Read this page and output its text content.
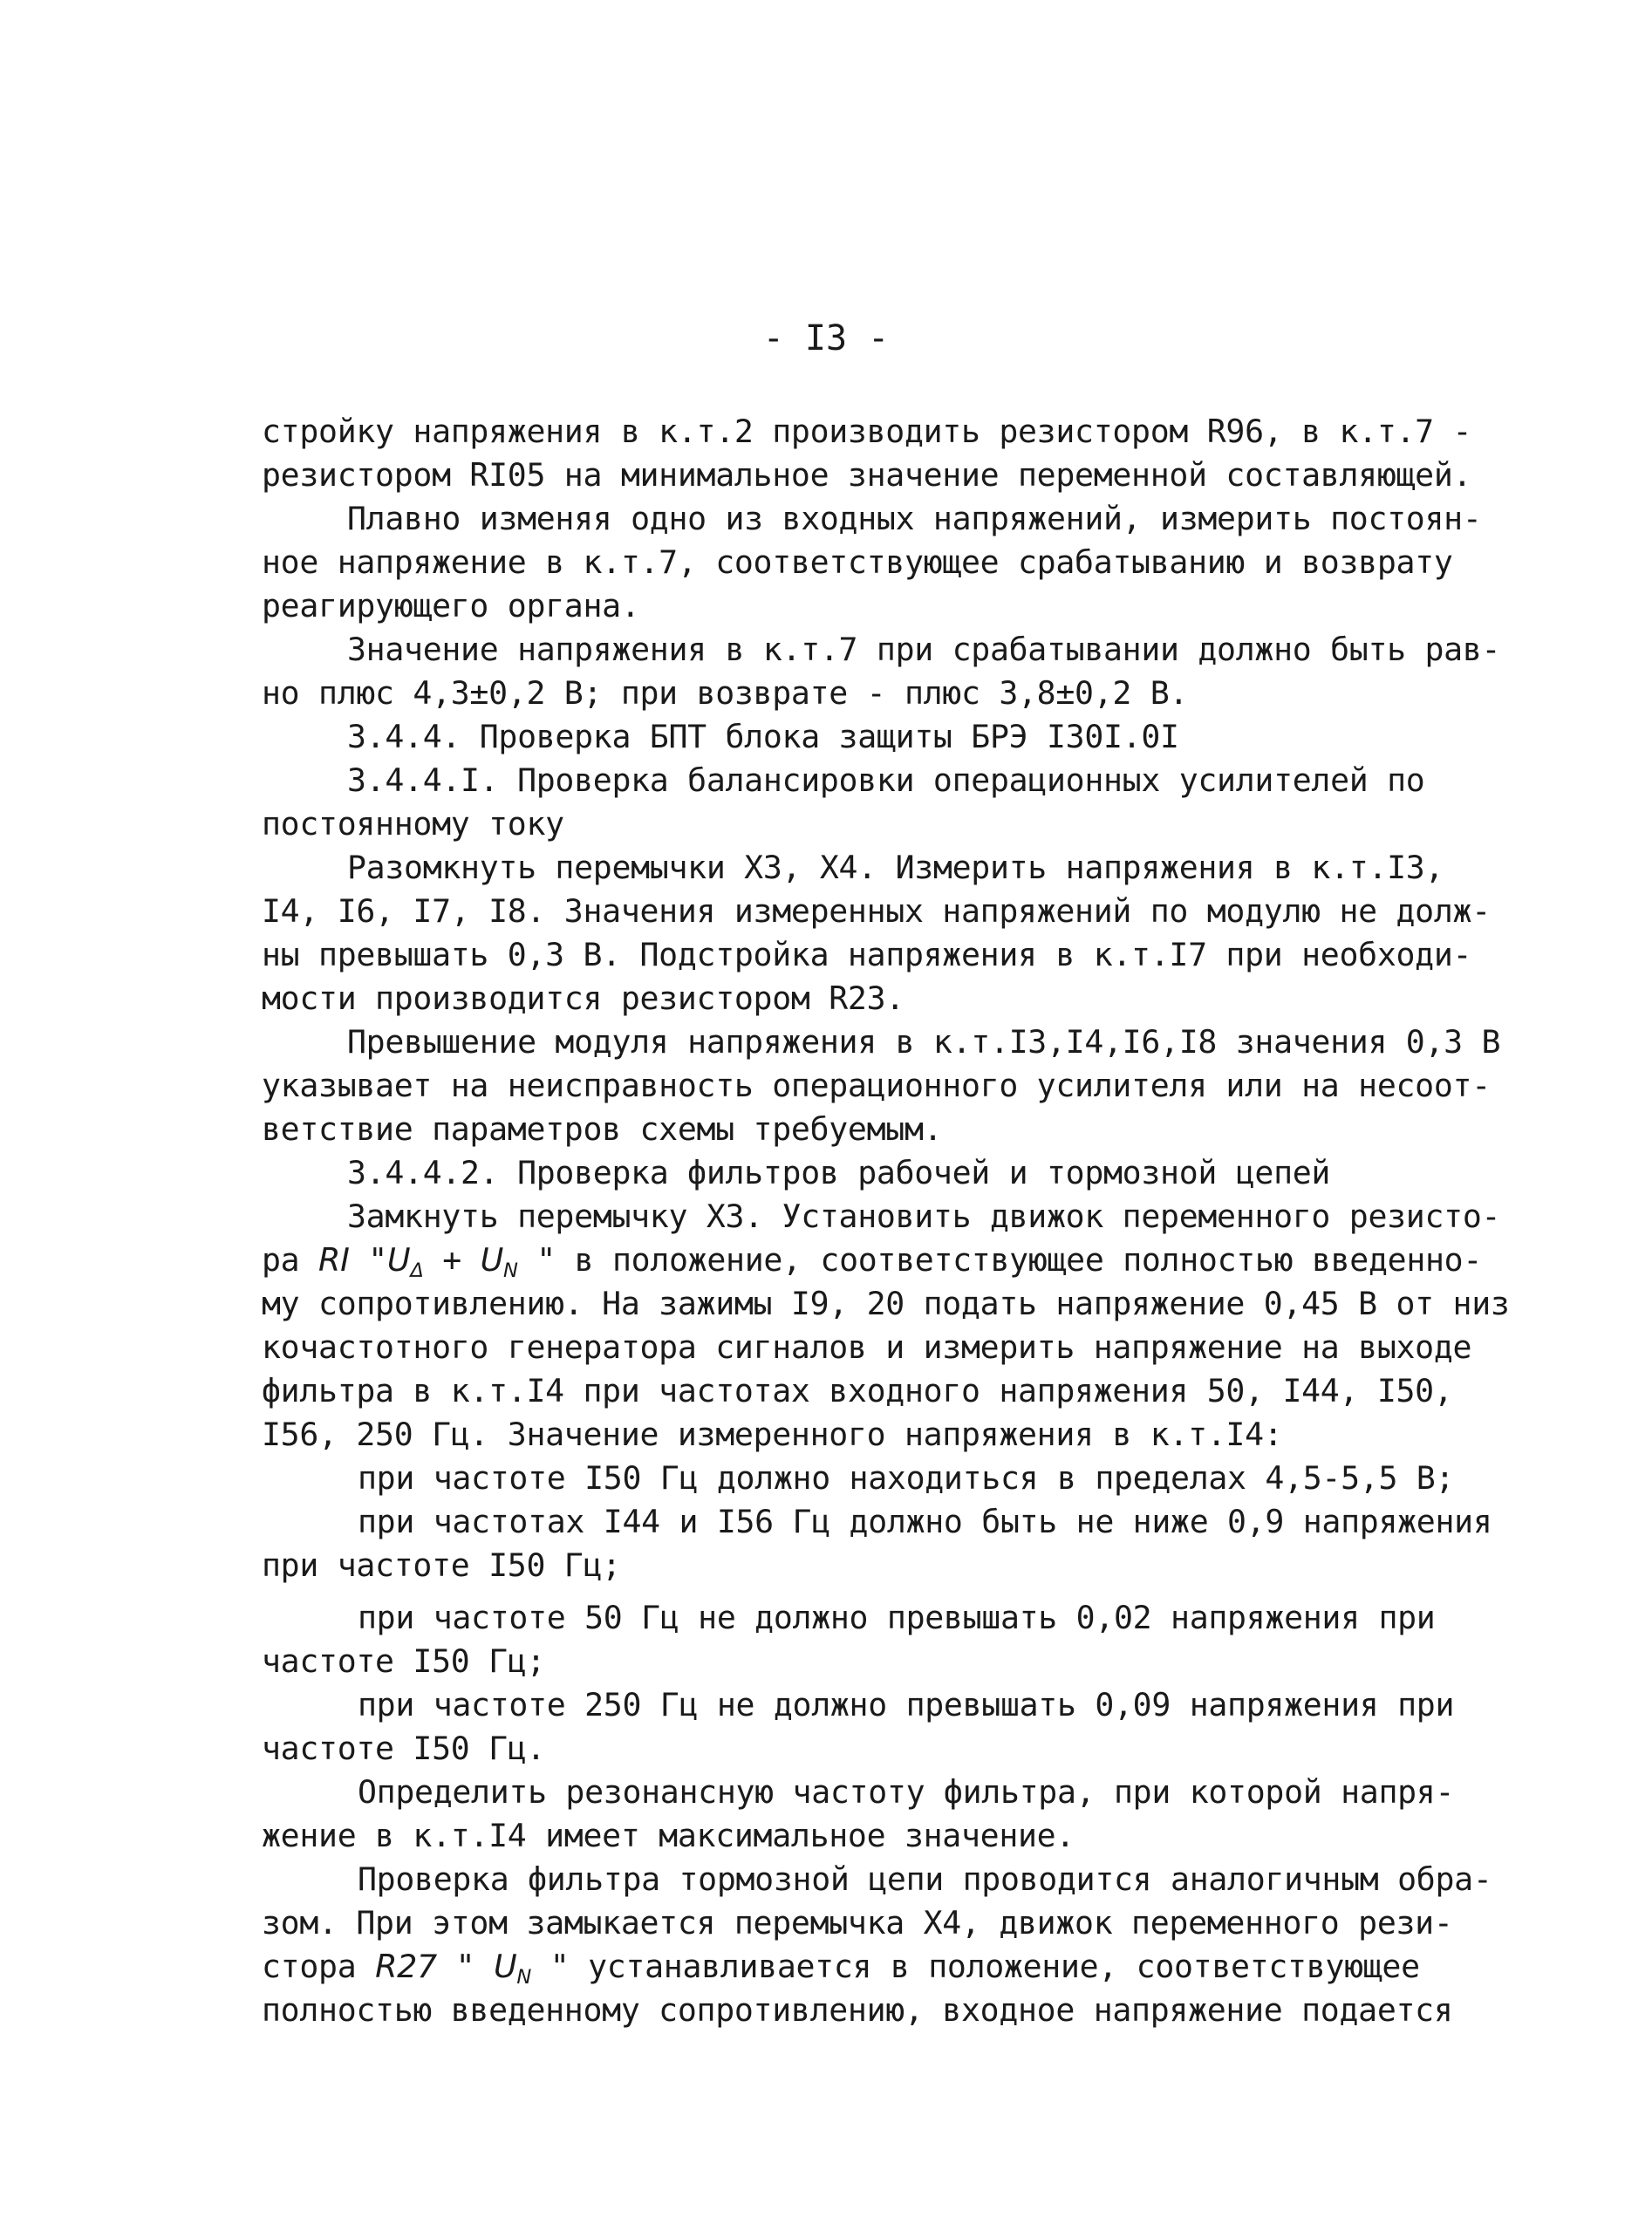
- I3 -
стройку напряжения в к.т.2 производить резистором R96, в к.т.7 -
резистором RI05 на минимальное значение переменной составляющей.
Плавно изменяя одно из входных напряжений, измерить постоян-
ное напряжение в к.т.7, соответствующее срабатыванию и возврату
реагирующего органа.
Значение напряжения в к.т.7 при срабатывании должно быть рав-
но плюс 4,3±0,2 В; при возврате - плюс 3,8±0,2 В.
3.4.4. Проверка БПТ блока защиты БРЭ I30I.0I
3.4.4.I. Проверка балансировки операционных усилителей по
постоянному току
Разомкнуть перемычки X3, X4. Измерить напряжения в к.т.I3,
I4, I6, I7, I8. Значения измеренных напряжений по модулю не долж-
ны превышать 0,3 В. Подстройка напряжения в к.т.I7 при необходи-
мости производится резистором R23.
Превышение модуля напряжения в к.т.I3,I4,I6,I8 значения 0,3 В
указывает на неисправность операционного усилителя или на несоот-
ветствие параметров схемы требуемым.
3.4.4.2. Проверка фильтров рабочей и тормозной цепей
Замкнуть перемычку X3. Установить движок переменного резисто-
ра RI "$U_\Delta + U_N$ " в положение, соответствующее полностью введенно-
му сопротивлению. На зажимы I9, 20 подать напряжение 0,45 В от низ
кочастотного генератора сигналов и измерить напряжение на выходе
фильтра в к.т.I4 при частотах входного напряжения 50, I44, I50,
I56, 250 Гц. Значение измеренного напряжения в к.т.I4:
при частоте I50 Гц должно находиться в пределах 4,5-5,5 В;
при частотах I44 и I56 Гц должно быть не ниже 0,9 напряжения
при частоте I50 Гц;
при частоте 50 Гц не должно превышать 0,02 напряжения при
частоте I50 Гц;
при частоте 250 Гц не должно превышать 0,09 напряжения при
частоте I50 Гц.
Определить резонансную частоту фильтра, при которой напря-
жение в к.т.I4 имеет максимальное значение.
Проверка фильтра тормозной цепи проводится аналогичным обра-
зом. При этом замыкается перемычка X4, движок переменного рези-
стора R27 " $U_N$ " устанавливается в положение, соответствующее
полностью введенному сопротивлению, входное напряжение подается
